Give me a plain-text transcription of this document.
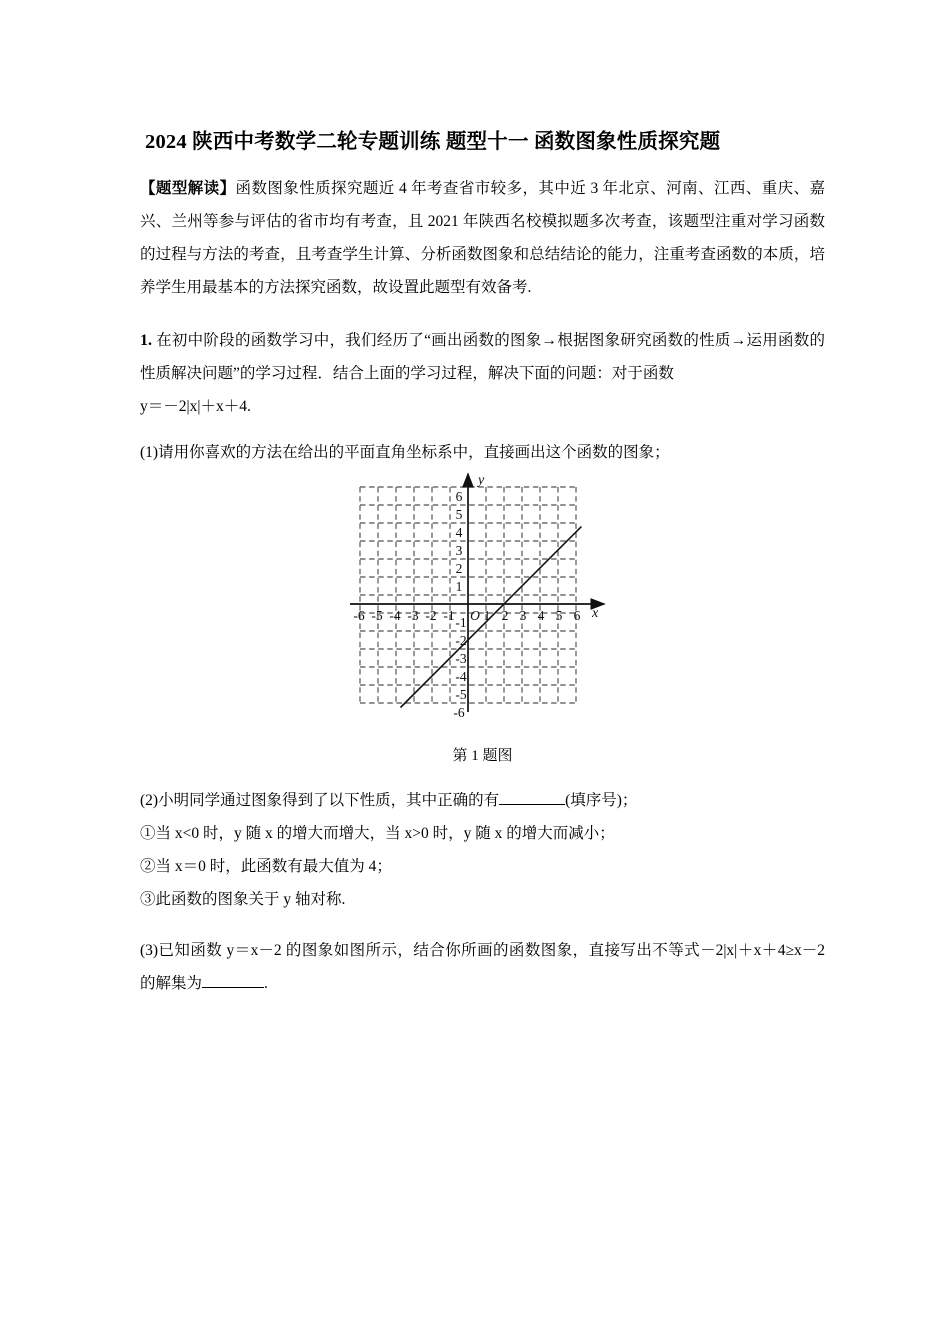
2024 陕西中考数学二轮专题训练 题型十一 函数图象性质探究题

【题型解读】函数图象性质探究题近 4 年考查省市较多，其中近 3 年北京、河南、江西、重庆、嘉兴、兰州等参与评估的省市均有考查，且 2021 年陕西名校模拟题多次考查，该题型注重对学习函数的过程与方法的考查，且考查学生计算、分析函数图象和总结结论的能力，注重考查函数的本质，培养学生用最基本的方法探究函数，故设置此题型有效备考.

1. 在初中阶段的函数学习中，我们经历了“画出函数的图象→根据图象研究函数的性质→运用函数的性质解决问题”的学习过程．结合上面的学习过程，解决下面的问题：对于函数

y＝－2|x|＋x＋4.

(1)请用你喜欢的方法在给出的平面直角坐标系中，直接画出这个函数的图象；

y
x
-6 -5 -4 -3 -2 -1 O 1 2 3 4 5 6
6
5
4
3
2
1
-1
-2
-3
-4
-5
-6
第 1 题图

(2)小明同学通过图象得到了以下性质，其中正确的有	(填序号)；

①当 x<0 时，y 随 x 的增大而增大，当 x>0 时，y 随 x 的增大而减小；

②当 x＝0 时，此函数有最大值为 4；

③此函数的图象关于 y 轴对称.

(3)已知函数 y＝x－2 的图象如图所示，结合你所画的函数图象，直接写出不等式－2|x|＋x＋4≥x－2 的解集为	.
